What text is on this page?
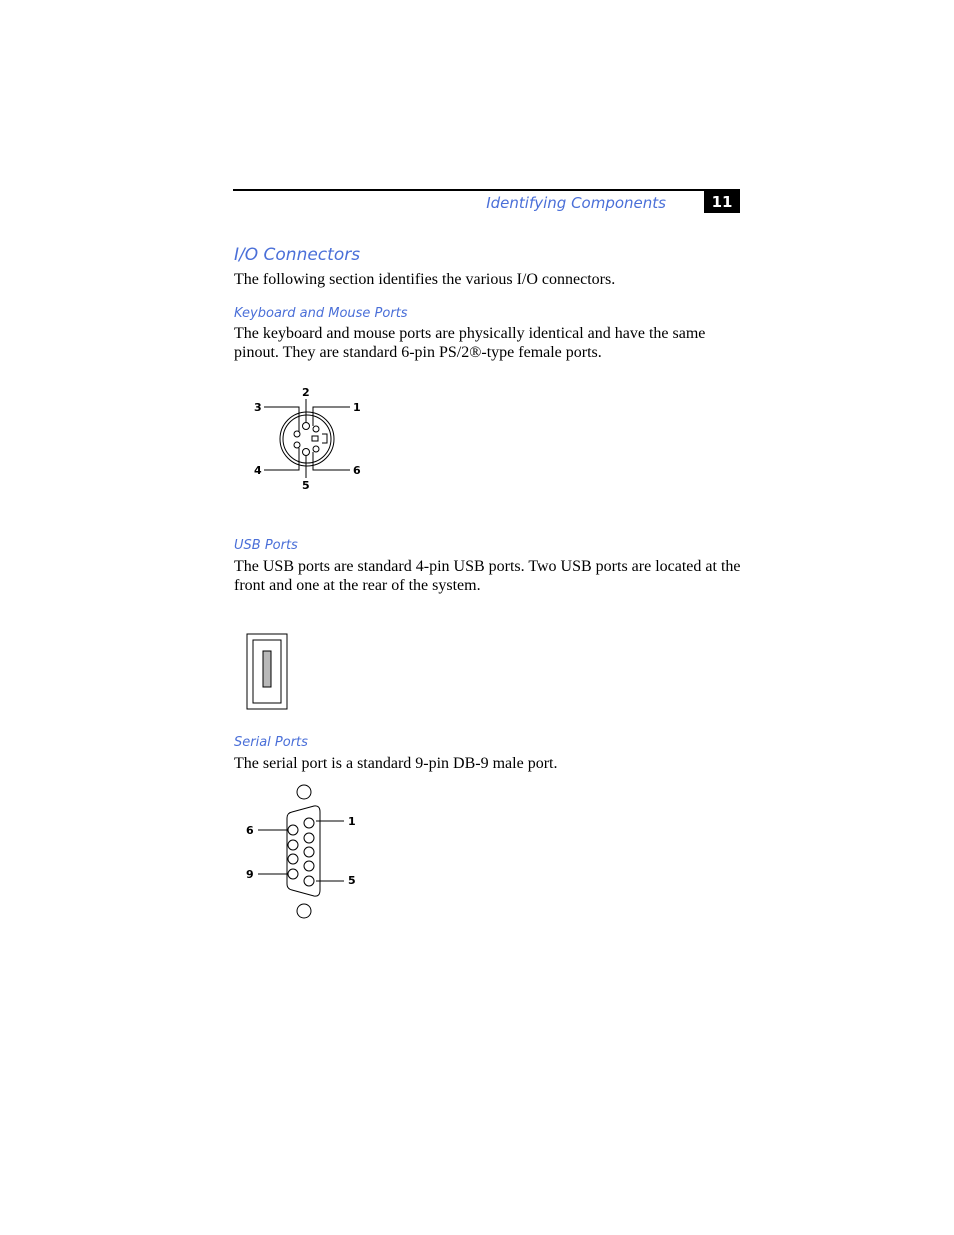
Identifying Components	11
I/O Connectors
The following section identifies the various I/O connectors.
Keyboard and Mouse Ports
The keyboard and mouse ports are physically identical and have the same pinout. They are standard 6-pin PS/2®-type female ports.
2
3	1
4	6
5
6
9
1
5
USB Ports
The USB ports are standard 4-pin USB ports. Two USB ports are located at the front and one at the rear of the system.
Serial Ports
The serial port is a standard 9-pin DB-9 male port.
